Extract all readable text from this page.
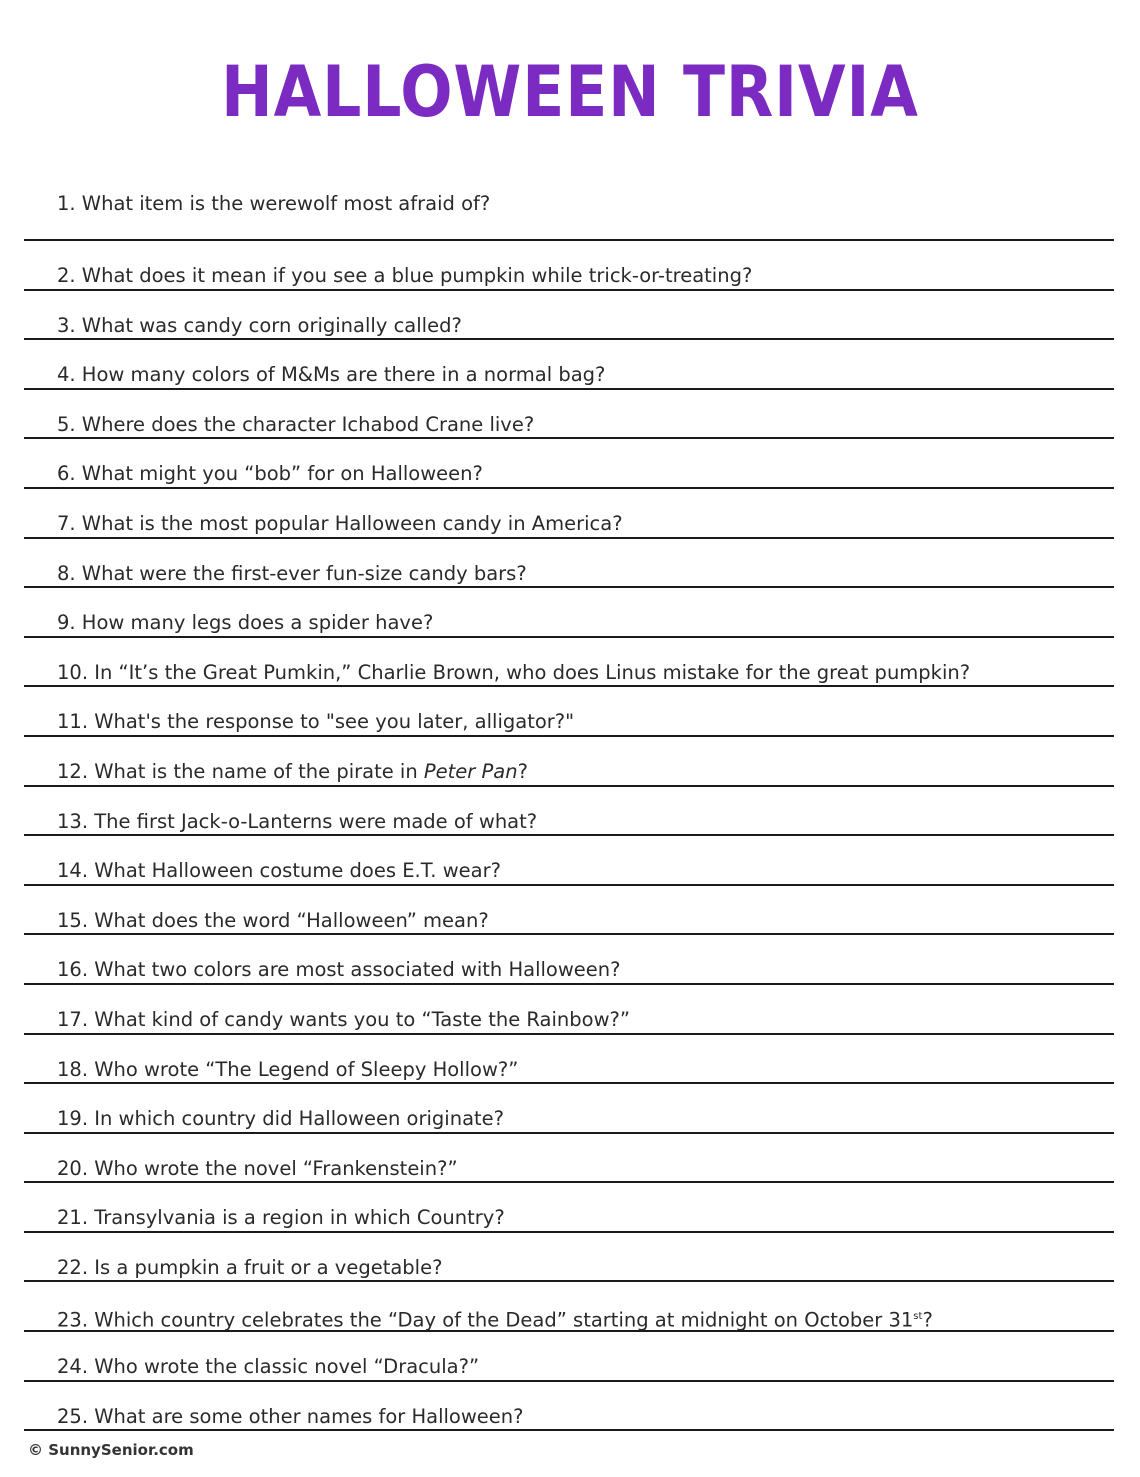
HALLOWEEN TRIVIA
1. What item is the werewolf most afraid of?
2. What does it mean if you see a blue pumpkin while trick-or-treating?
3. What was candy corn originally called?
4. How many colors of M&Ms are there in a normal bag?
5. Where does the character Ichabod Crane live?
6. What might you “bob” for on Halloween?
7. What is the most popular Halloween candy in America?
8. What were the first-ever fun-size candy bars?
9. How many legs does a spider have?
10. In “It’s the Great Pumkin,” Charlie Brown, who does Linus mistake for the great pumpkin?
11. What's the response to "see you later, alligator?"
12. What is the name of the pirate in Peter Pan?
13. The first Jack-o-Lanterns were made of what?
14. What Halloween costume does E.T. wear?
15. What does the word “Halloween” mean?
16. What two colors are most associated with Halloween?
17. What kind of candy wants you to “Taste the Rainbow?”
18. Who wrote “The Legend of Sleepy Hollow?”
19. In which country did Halloween originate?
20. Who wrote the novel “Frankenstein?”
21. Transylvania is a region in which Country?
22. Is a pumpkin a fruit or a vegetable?
23. Which country celebrates the “Day of the Dead” starting at midnight on October 31st?
24. Who wrote the classic novel “Dracula?”
25. What are some other names for Halloween?
© SunnySenior.com
